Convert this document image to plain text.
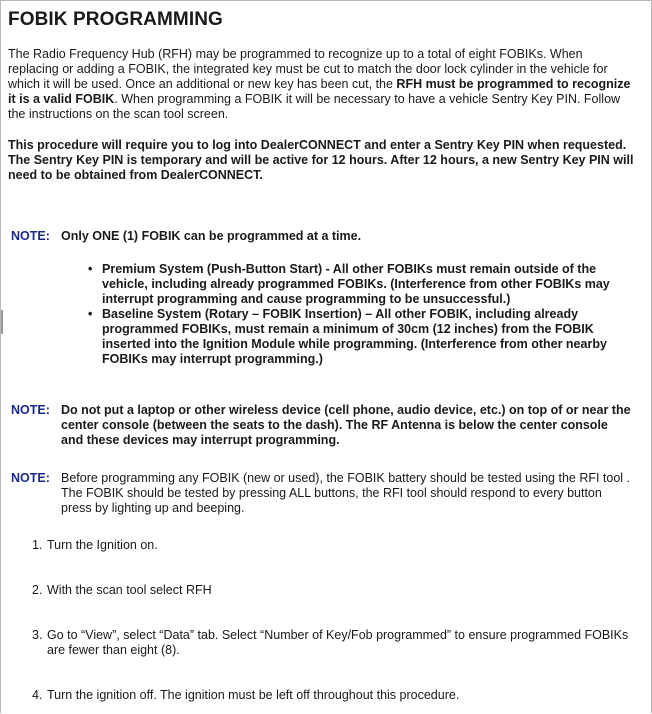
FOBIK PROGRAMMING

The Radio Frequency Hub (RFH) may be programmed to recognize up to a total of eight FOBIKs. When replacing or adding a FOBIK, the integrated key must be cut to match the door lock cylinder in the vehicle for which it will be used. Once an additional or new key has been cut, the RFH must be programmed to recognize it is a valid FOBIK. When programming a FOBIK it will be necessary to have a vehicle Sentry Key PIN. Follow the instructions on the scan tool screen.

This procedure will require you to log into DealerCONNECT and enter a Sentry Key PIN when requested. The Sentry Key PIN is temporary and will be active for 12 hours. After 12 hours, a new Sentry Key PIN will need to be obtained from DealerCONNECT.

NOTE: Only ONE (1) FOBIK can be programmed at a time.
• Premium System (Push-Button Start) - All other FOBIKs must remain outside of the vehicle, including already programmed FOBIKs. (Interference from other FOBIKs may interrupt programming and cause programming to be unsuccessful.)
• Baseline System (Rotary – FOBIK Insertion) – All other FOBIK, including already programmed FOBIKs, must remain a minimum of 30cm (12 inches) from the FOBIK inserted into the Ignition Module while programming. (Interference from other nearby FOBIKs may interrupt programming.)
NOTE: Do not put a laptop or other wireless device (cell phone, audio device, etc.) on top of or near the center console (between the seats to the dash). The RF Antenna is below the center console and these devices may interrupt programming.
NOTE: Before programming any FOBIK (new or used), the FOBIK battery should be tested using the RFI tool . The FOBIK should be tested by pressing ALL buttons, the RFI tool should respond to every button press by lighting up and beeping.
1. Turn the Ignition on.
2. With the scan tool select RFH
3. Go to “View”, select “Data” tab. Select “Number of Key/Fob programmed” to ensure programmed FOBIKs are fewer than eight (8).
4. Turn the ignition off. The ignition must be left off throughout this procedure.
